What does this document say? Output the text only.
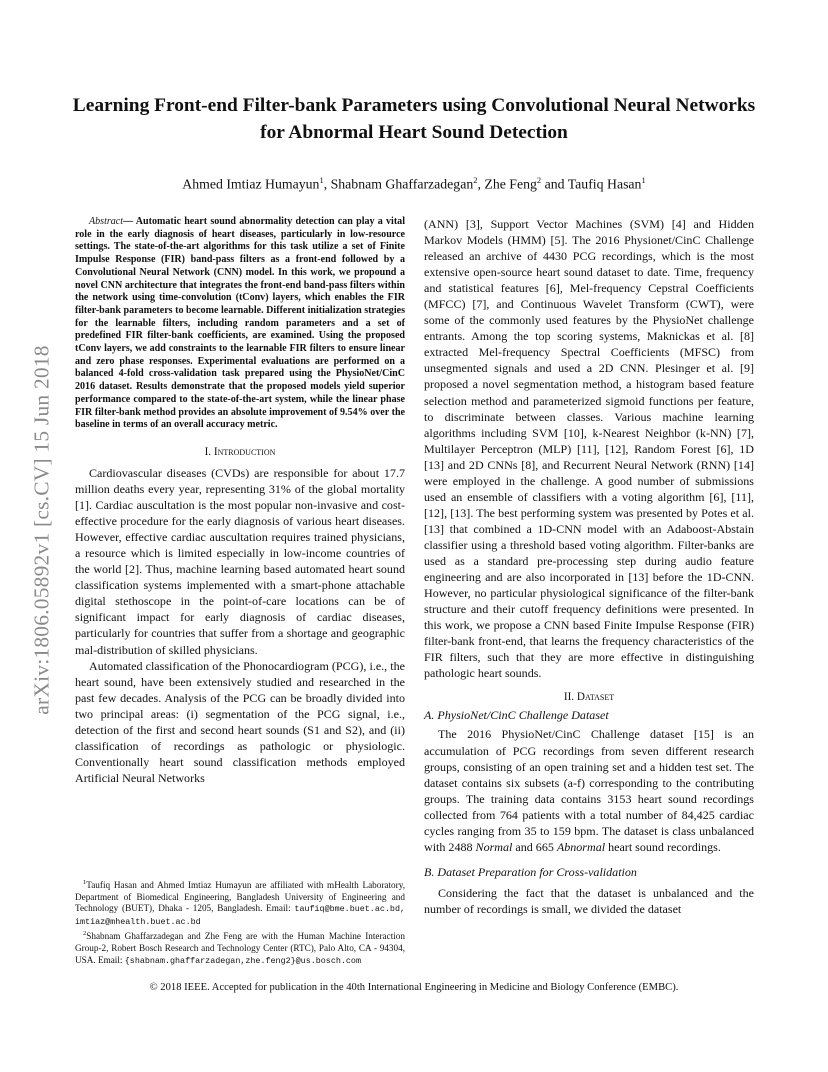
arXiv:1806.05892v1 [cs.CV] 15 Jun 2018
Learning Front-end Filter-bank Parameters using Convolutional Neural Networks for Abnormal Heart Sound Detection
Ahmed Imtiaz Humayun$^1$, Shabnam Ghaffarzadegan$^2$, Zhe Feng$^2$ and Taufiq Hasan$^1$

Abstract— Automatic heart sound abnormality detection can play a vital role in the early diagnosis of heart diseases, particularly in low-resource settings. The state-of-the-art algorithms for this task utilize a set of Finite Impulse Response (FIR) band-pass filters as a front-end followed by a Convolutional Neural Network (CNN) model. In this work, we propound a novel CNN architecture that integrates the front-end band-pass filters within the network using time-convolution (tConv) layers, which enables the FIR filter-bank parameters to become learnable. Different initialization strategies for the learnable filters, including random parameters and a set of predefined FIR filter-bank coefficients, are examined. Using the proposed tConv layers, we add constraints to the learnable FIR filters to ensure linear and zero phase responses. Experimental evaluations are performed on a balanced 4-fold cross-validation task prepared using the PhysioNet/CinC 2016 dataset. Results demonstrate that the proposed models yield superior performance compared to the state-of-the-art system, while the linear phase FIR filter-bank method provides an absolute improvement of 9.54% over the baseline in terms of an overall accuracy metric.

I. Introduction

Cardiovascular diseases (CVDs) are responsible for about 17.7 million deaths every year, representing 31% of the global mortality [1]. Cardiac auscultation is the most popular non-invasive and cost-effective procedure for the early diagnosis of various heart diseases. However, effective cardiac auscultation requires trained physicians, a resource which is limited especially in low-income countries of the world [2]. Thus, machine learning based automated heart sound classification systems implemented with a smart-phone attachable digital stethoscope in the point-of-care locations can be of significant impact for early diagnosis of cardiac diseases, particularly for countries that suffer from a shortage and geographic mal-distribution of skilled physicians.

Automated classification of the Phonocardiogram (PCG), i.e., the heart sound, have been extensively studied and researched in the past few decades. Analysis of the PCG can be broadly divided into two principal areas: (i) segmentation of the PCG signal, i.e., detection of the first and second heart sounds (S1 and S2), and (ii) classification of recordings as pathologic or physiologic. Conventionally heart sound classification methods employed Artificial Neural Networks

$^1$Taufiq Hasan and Ahmed Imtiaz Humayun are affiliated with mHealth Laboratory, Department of Biomedical Engineering, Bangladesh University of Engineering and Technology (BUET), Dhaka - 1205, Bangladesh. Email: taufiq@bme.buet.ac.bd, imtiaz@mhealth.buet.ac.bd

$^2$Shabnam Ghaffarzadegan and Zhe Feng are with the Human Machine Interaction Group-2, Robert Bosch Research and Technology Center (RTC), Palo Alto, CA - 94304, USA. Email: {shabnam.ghaffarzadegan,zhe.feng2}@us.bosch.com

(ANN) [3], Support Vector Machines (SVM) [4] and Hidden Markov Models (HMM) [5]. The 2016 Physionet/CinC Challenge released an archive of 4430 PCG recordings, which is the most extensive open-source heart sound dataset to date. Time, frequency and statistical features [6], Mel-frequency Cepstral Coefficients (MFCC) [7], and Continuous Wavelet Transform (CWT), were some of the commonly used features by the PhysioNet challenge entrants. Among the top scoring systems, Maknickas et al. [8] extracted Mel-frequency Spectral Coefficients (MFSC) from unsegmented signals and used a 2D CNN. Plesinger et al. [9] proposed a novel segmentation method, a histogram based feature selection method and parameterized sigmoid functions per feature, to discriminate between classes. Various machine learning algorithms including SVM [10], k-Nearest Neighbor (k-NN) [7], Multilayer Perceptron (MLP) [11], [12], Random Forest [6], 1D [13] and 2D CNNs [8], and Recurrent Neural Network (RNN) [14] were employed in the challenge. A good number of submissions used an ensemble of classifiers with a voting algorithm [6], [11], [12], [13]. The best performing system was presented by Potes et al. [13] that combined a 1D-CNN model with an Adaboost-Abstain classifier using a threshold based voting algorithm. Filter-banks are used as a standard pre-processing step during audio feature engineering and are also incorporated in [13] before the 1D-CNN. However, no particular physiological significance of the filter-bank structure and their cutoff frequency definitions were presented. In this work, we propose a CNN based Finite Impulse Response (FIR) filter-bank front-end, that learns the frequency characteristics of the FIR filters, such that they are more effective in distinguishing pathologic heart sounds.

II. Dataset

A. PhysioNet/CinC Challenge Dataset

The 2016 PhysioNet/CinC Challenge dataset [15] is an accumulation of PCG recordings from seven different research groups, consisting of an open training set and a hidden test set. The dataset contains six subsets (a-f) corresponding to the contributing groups. The training data contains 3153 heart sound recordings collected from 764 patients with a total number of 84,425 cardiac cycles ranging from 35 to 159 bpm. The dataset is class unbalanced with 2488 Normal and 665 Abnormal heart sound recordings.

B. Dataset Preparation for Cross-validation

Considering the fact that the dataset is unbalanced and the number of recordings is small, we divided the dataset

© 2018 IEEE. Accepted for publication in the 40th International Engineering in Medicine and Biology Conference (EMBC).
